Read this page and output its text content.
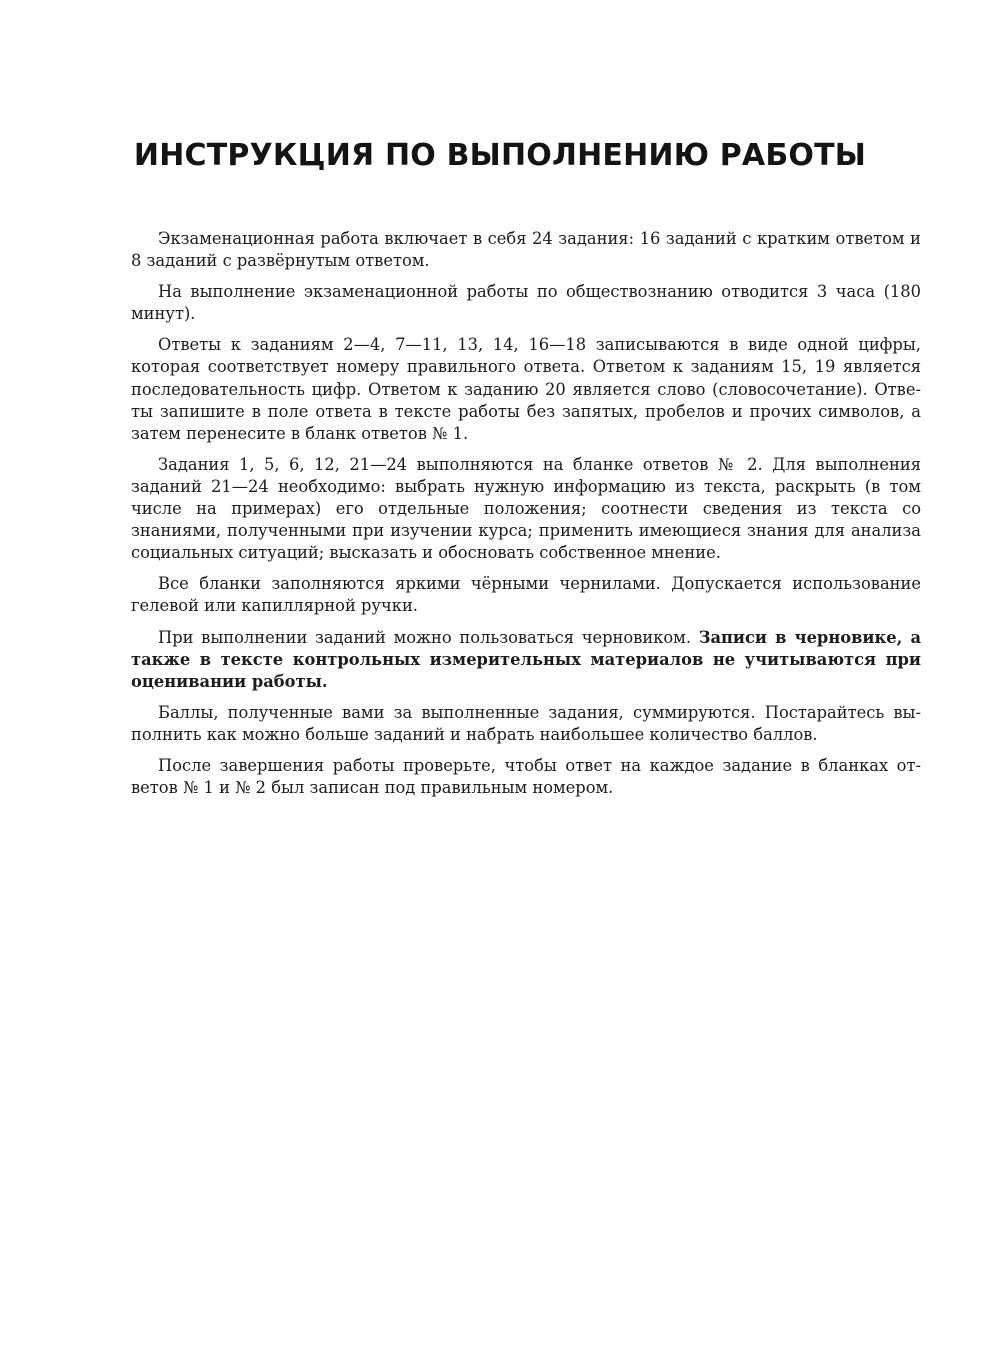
ИНСТРУКЦИЯ ПО ВЫПОЛНЕНИЮ РАБОТЫ

Экзаменационная работа включает в себя 24 задания: 16 заданий с кратким ответом и 8 заданий с развёрнутым ответом.

На выполнение экзаменационной работы по обществознанию отводится 3 часа (180 минут).

Ответы к заданиям 2—4, 7—11, 13, 14, 16—18 записываются в виде одной цифры, которая соответствует номеру правильного ответа. Ответом к заданиям 15, 19 является последовательность цифр. Ответом к заданию 20 является слово (словосочетание). Ответы запишите в поле ответа в тексте работы без запятых, пробелов и прочих символов, а затем перенесите в бланк ответов № 1.

Задания 1, 5, 6, 12, 21—24 выполняются на бланке ответов № 2. Для выполнения заданий 21—24 необходимо: выбрать нужную информацию из текста, раскрыть (в том числе на примерах) его отдельные положения; соотнести сведения из текста со знаниями, полученными при изучении курса; применить имеющиеся знания для анализа социальных ситуаций; высказать и обосновать собственное мнение.

Все бланки заполняются яркими чёрными чернилами. Допускается использование гелевой или капиллярной ручки.

При выполнении заданий можно пользоваться черновиком. Записи в черновике, а также в тексте контрольных измерительных материалов не учитываются при оценивании работы.

Баллы, полученные вами за выполненные задания, суммируются. Постарайтесь выполнить как можно больше заданий и набрать наибольшее количество баллов.

После завершения работы проверьте, чтобы ответ на каждое задание в бланках ответов № 1 и № 2 был записан под правильным номером.
